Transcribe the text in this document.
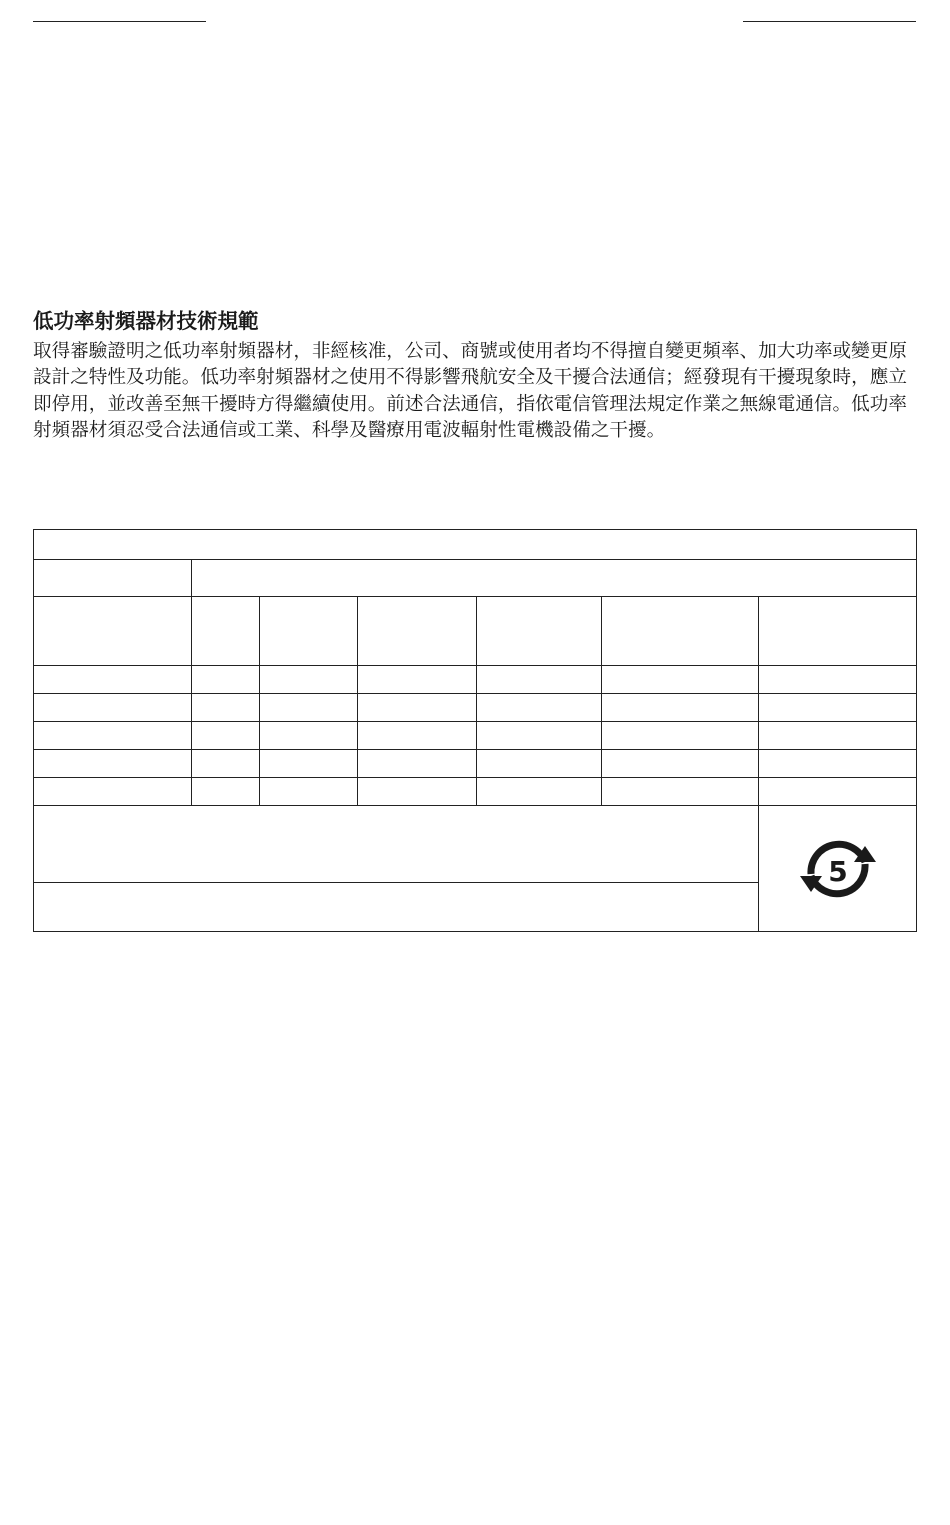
低功率射頻器材技術規範

取得審驗證明之低功率射頻器材，非經核准，公司、商號或使用者均不得擅自變更頻率、加大功率或變更原設計之特性及功能。低功率射頻器材之使用不得影響飛航安全及干擾合法通信；經發現有干擾現象時，應立即停用，並改善至無干擾時方得繼續使用。前述合法通信，指依電信管理法規定作業之無線電通信。低功率射頻器材須忍受合法通信或工業、科學及醫療用電波輻射性電機設備之干擾。

5
